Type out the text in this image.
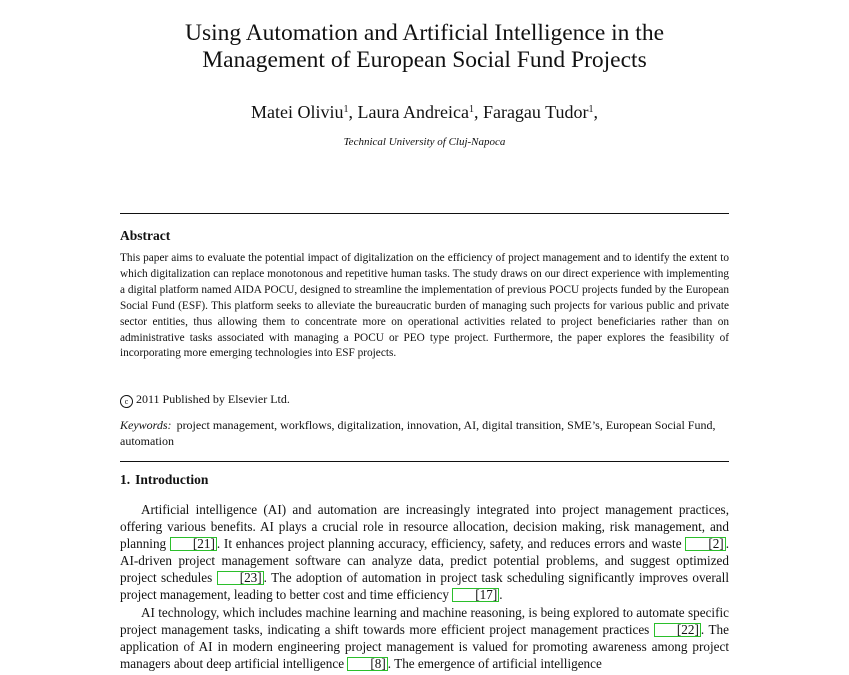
Using Automation and Artificial Intelligence in the
Management of European Social Fund Projects
Matei Oliviu$^1$, Laura Andreica$^1$, Faragau Tudor$^1$,
Technical University of Cluj-Napoca
Abstract

This paper aims to evaluate the potential impact of digitalization on the efficiency of project management and to identify the extent to which digitalization can replace monotonous and repetitive human tasks. The study draws on our direct experience with implementing a digital platform named AIDA POCU, designed to streamline the implementation of previous POCU projects funded by the European Social Fund (ESF). This platform seeks to alleviate the bureaucratic burden of managing such projects for various public and private sector entities, thus allowing them to concentrate more on operational activities related to project beneficiaries rather than on administrative tasks associated with managing a POCU or PEO type project. Furthermore, the paper explores the feasibility of incorporating more emerging technologies into ESF projects.

c 2011 Published by Elsevier Ltd.

Keywords: project management, workflows, digitalization, innovation, AI, digital transition, SME’s, European Social Fund, automation

1. Introduction

Artificial intelligence (AI) and automation are increasingly integrated into project management practices, offering various benefits. AI plays a crucial role in resource allocation, decision making, risk management, and planning [21] . It enhances project planning accuracy, efficiency, safety, and reduces errors and waste [2] . AI-driven project management software can analyze data, predict potential problems, and suggest optimized project schedules [23] . The adoption of automation in project task scheduling significantly improves overall project management, leading to better cost and time efficiency [17] .

AI technology, which includes machine learning and machine reasoning, is being explored to automate specific project management tasks, indicating a shift towards more efficient project management practices [22] . The application of AI in modern engineering project management is valued for promoting awareness among project managers about deep artificial intelligence [8] . The emergence of artificial intelligence
